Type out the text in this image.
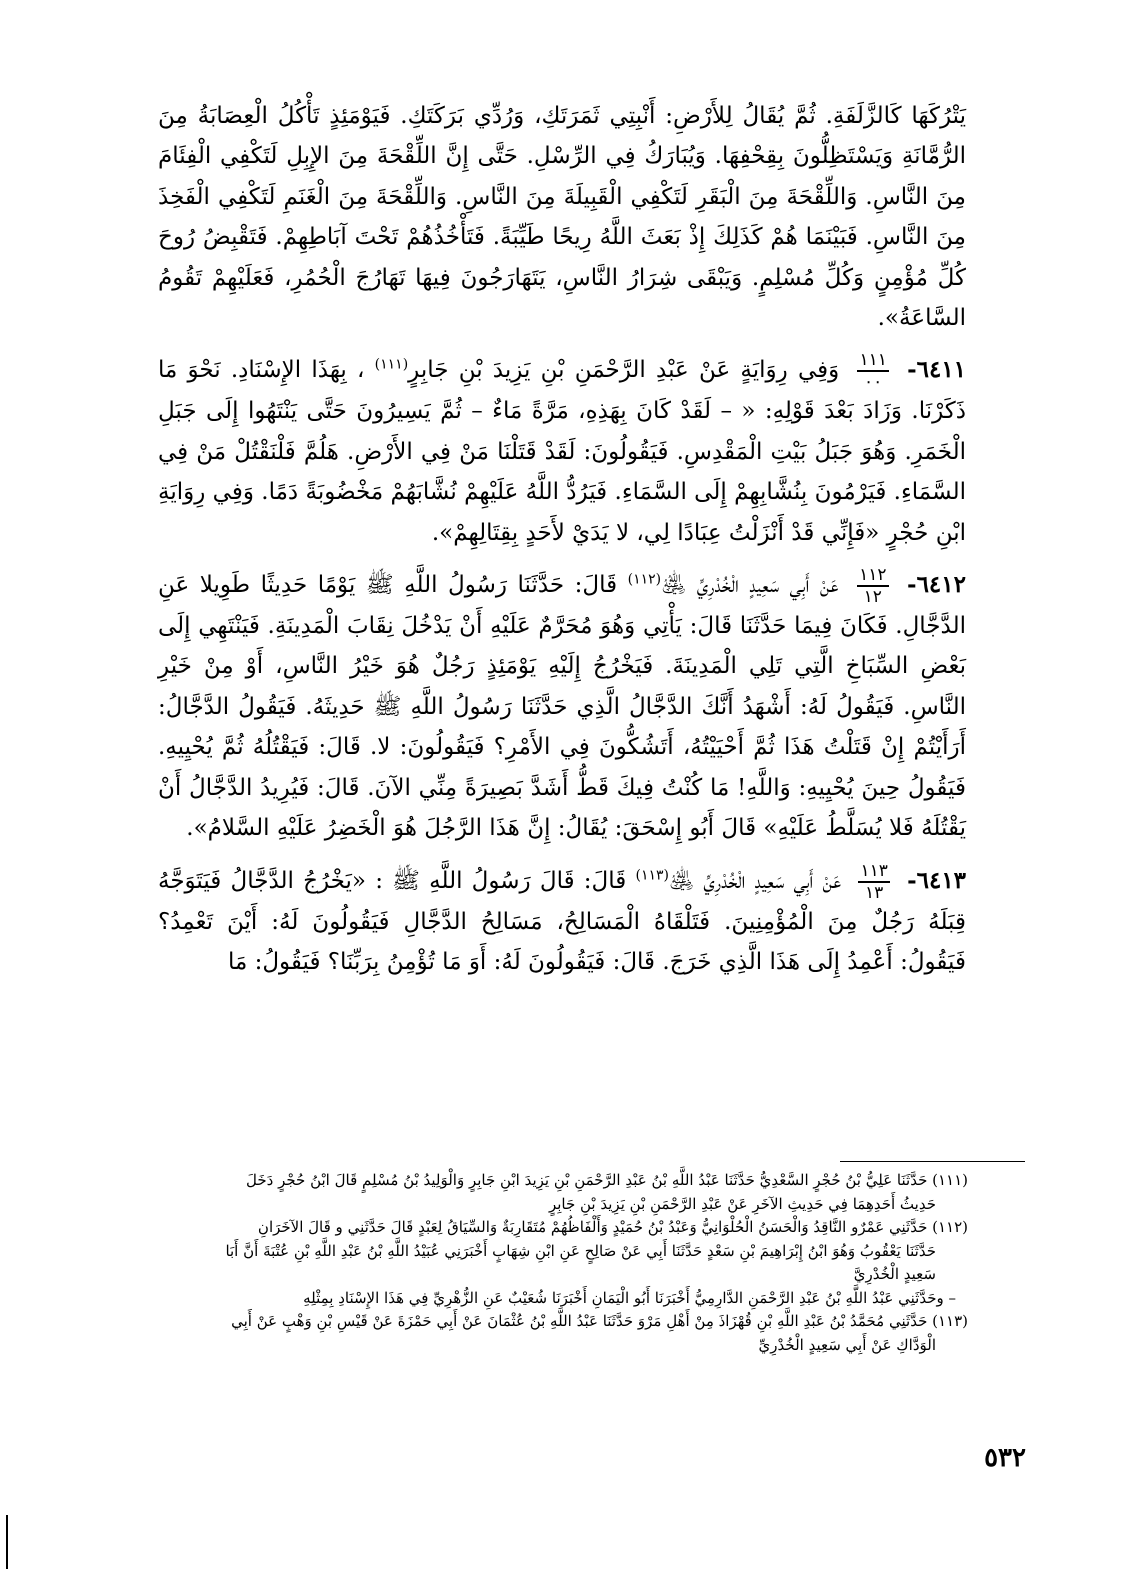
يَتْرُكَهَا كَالزَّلَفَةِ. ثُمَّ يُقَالُ لِلأَرْضِ: أَنْبِتِي ثَمَرَتَكِ، وَرُدِّي بَرَكَتَكِ. فَيَوْمَئِذٍ تَأْكُلُ الْعِصَابَةُ مِنَ الرُّمَّانَةِ وَيَسْتَظِلُّونَ بِقِحْفِهَا. وَيُبَارَكُ فِي الرِّسْلِ. حَتَّى إِنَّ اللِّقْحَةَ مِنَ الإِبِلِ لَتَكْفِي الْفِئَامَ مِنَ النَّاسِ. وَاللِّقْحَةَ مِنَ الْبَقَرِ لَتَكْفِي الْقَبِيلَةَ مِنَ النَّاسِ. وَاللِّقْحَةَ مِنَ الْغَنَمِ لَتَكْفِي الْفَخِذَ مِنَ النَّاسِ. فَبَيْنَمَا هُمْ كَذَلِكَ إِذْ بَعَثَ اللَّهُ رِيحًا طَيِّبَةً. فَتَأْخُذُهُمْ تَحْتَ آبَاطِهِمْ. فَتَقْبِضُ رُوحَ كُلِّ مُؤْمِنٍ وَكُلِّ مُسْلِمٍ. وَيَبْقَى شِرَارُ النَّاسِ، يَتَهَارَجُونَ فِيهَا تَهَارُجَ الْحُمُرِ، فَعَلَيْهِمْ تَقُومُ السَّاعَةُ».

٦٤١١-
$\frac{١١١}{٠٠}$
وَفِي رِوَايَةٍ عَنْ عَبْدِ الرَّحْمَنِ بْنِ يَزِيدَ بْنِ جَابِرٍ$^{(١١١)}$ ، بِهَذَا الإِسْنَادِ. نَحْوَ مَا ذَكَرْنَا. وَزَادَ بَعْدَ قَوْلِهِ: « – لَقَدْ كَانَ بِهَذِهِ، مَرَّةً مَاءٌ – ثُمَّ يَسِيرُونَ حَتَّى يَنْتَهُوا إِلَى جَبَلِ الْخَمَرِ. وَهُوَ جَبَلُ بَيْتِ الْمَقْدِسِ. فَيَقُولُونَ: لَقَدْ قَتَلْنَا مَنْ فِي الأَرْضِ. هَلُمَّ فَلْنَقْتُلْ مَنْ فِي السَّمَاءِ. فَيَرْمُونَ بِنُشَّابِهِمْ إِلَى السَّمَاءِ. فَيَرُدُّ اللَّهُ عَلَيْهِمْ نُشَّابَهُمْ مَخْضُوبَةً دَمًا. وَفِي رِوَايَةِ ابْنِ حُجْرٍ «فَإِنِّي قَدْ أَنْزَلْتُ عِبَادًا لِي، لا يَدَيْ لأَحَدٍ بِقِتَالِهِمْ».

٦٤١٢-
$\frac{١١٢}{١٢}$
عَنْ أَبِي سَعِيدٍ الْخُدْرِيِّ ﵁$^{(١١٢)}$ قَالَ: حَدَّثَنَا رَسُولُ اللَّهِ ﷺ يَوْمًا حَدِيثًا طَوِيلا عَنِ الدَّجَّالِ. فَكَانَ فِيمَا حَدَّثَنَا قَالَ: يَأْتِي وَهُوَ مُحَرَّمٌ عَلَيْهِ أَنْ يَدْخُلَ نِقَابَ الْمَدِينَةِ. فَيَنْتَهِي إِلَى بَعْضِ السِّبَاخِ الَّتِي تَلِي الْمَدِينَةَ. فَيَخْرُجُ إِلَيْهِ يَوْمَئِذٍ رَجُلٌ هُوَ خَيْرُ النَّاسِ، أَوْ مِنْ خَيْرِ النَّاسِ. فَيَقُولُ لَهُ: أَشْهَدُ أَنَّكَ الدَّجَّالُ الَّذِي حَدَّثَنَا رَسُولُ اللَّهِ ﷺ حَدِيثَهُ. فَيَقُولُ الدَّجَّالُ: أَرَأَيْتُمْ إِنْ قَتَلْتُ هَذَا ثُمَّ أَحْيَيْتُهُ، أَتَشُكُّونَ فِي الأَمْرِ؟ فَيَقُولُونَ: لا. قَالَ: فَيَقْتُلُهُ ثُمَّ يُحْيِيهِ. فَيَقُولُ حِينَ يُحْيِيهِ: وَاللَّهِ! مَا كُنْتُ فِيكَ قَطُّ أَشَدَّ بَصِيرَةً مِنِّي الآنَ. قَالَ: فَيُرِيدُ الدَّجَّالُ أَنْ يَقْتُلَهُ فَلا يُسَلَّطُ عَلَيْهِ» قَالَ أَبُو إِسْحَقَ: يُقَالُ: إِنَّ هَذَا الرَّجُلَ هُوَ الْخَضِرُ عَلَيْهِ السَّلامُ».

٦٤١٣-
$\frac{١١٣}{١٣}$
عَنْ أَبِي سَعِيدٍ الْخُدْرِيِّ ﵁$^{(١١٣)}$ قَالَ: قَالَ رَسُولُ اللَّهِ ﷺ : «يَخْرُجُ الدَّجَّالُ فَيَتَوَجَّهُ قِبَلَهُ رَجُلٌ مِنَ الْمُؤْمِنِينَ. فَتَلْقَاهُ الْمَسَالِحُ، مَسَالِحُ الدَّجَّالِ فَيَقُولُونَ لَهُ: أَيْنَ تَعْمِدُ؟ فَيَقُولُ: أَعْمِدُ إِلَى هَذَا الَّذِي خَرَجَ. قَالَ: فَيَقُولُونَ لَهُ: أَوَ مَا تُؤْمِنُ بِرَبِّنَا؟ فَيَقُولُ: مَا

(١١١) حَدَّثَنَا عَلِيُّ بْنُ حُجْرٍ السَّعْدِيُّ حَدَّثَنَا عَبْدُ اللَّهِ بْنُ عَبْدِ الرَّحْمَنِ بْنِ يَزِيدَ ابْنِ جَابِرٍ وَالْوَلِيدُ بْنُ مُسْلِمٍ قَالَ ابْنُ حُجْرٍ دَخَلَ

حَدِيثُ أَحَدِهِمَا فِي حَدِيثِ الآخَرِ عَنْ عَبْدِ الرَّحْمَنِ بْنِ يَزِيدَ بْنِ جَابِرٍ

(١١٢) حَدَّثَنِي عَمْرٌو النَّاقِدُ وَالْحَسَنُ الْحُلْوَانِيُّ وَعَبْدُ بْنُ حُمَيْدٍ وَأَلْفَاظُهُمْ مُتَقَارِبَةٌ وَالسِّيَاقُ لِعَبْدٍ قَالَ حَدَّثَنِي و قَالَ الآخَرَانِ

حَدَّثَنَا يَعْقُوبُ وَهُوَ ابْنُ إِبْرَاهِيمَ بْنِ سَعْدٍ حَدَّثَنَا أَبِي عَنْ صَالِحٍ عَنِ ابْنِ شِهَابٍ أَخْبَرَنِي عُبَيْدُ اللَّهِ بْنُ عَبْدِ اللَّهِ بْنِ عُتْبَةَ أَنَّ أَبَا

سَعِيدٍ الْخُدْرِيَّ

– وحَدَّثَنِي عَبْدُ اللَّهِ بْنُ عَبْدِ الرَّحْمَنِ الدَّارِمِيُّ أَخْبَرَنَا أَبُو الْيَمَانِ أَخْبَرَنَا شُعَيْبٌ عَنِ الزُّهْرِيِّ فِي هَذَا الإِسْنَادِ بِمِثْلِهِ

(١١٣) حَدَّثَنِي مُحَمَّدُ بْنُ عَبْدِ اللَّهِ بْنِ قُهْزَاذَ مِنْ أَهْلِ مَرْوَ حَدَّثَنَا عَبْدُ اللَّهِ بْنُ عُثْمَانَ عَنْ أَبِي حَمْزَةَ عَنْ قَيْسِ بْنِ وَهْبٍ عَنْ أَبِي

الْوَدَّاكِ عَنْ أَبِي سَعِيدٍ الْخُدْرِيِّ

٥٣٢
